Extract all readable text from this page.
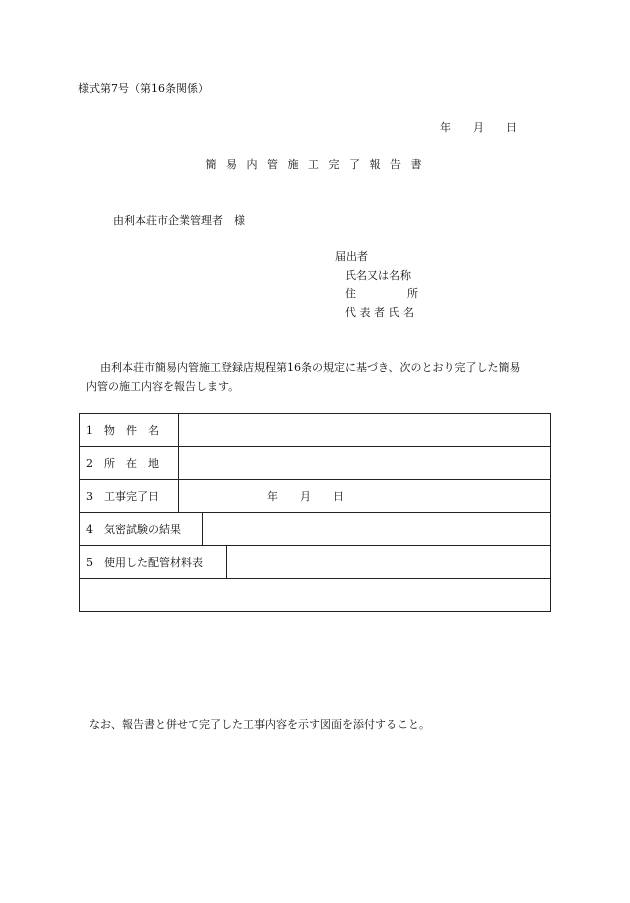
様式第7号（第16条関係）
年　　月　　日
簡 易 内 管 施 工 完 了 報 告 書
由利本荘市企業管理者　様
届出者
氏名又は名称
住	所
代 表 者 氏 名
由利本荘市簡易内管施工登録店規程第16条の規定に基づき、次のとおり完了した簡易
内管の施工内容を報告します。
1　物　件　名

2　所　在　地

3　工事完了日	年　　月　　日

4　気密試験の結果

5　使用した配管材料表

なお、報告書と併せて完了した工事内容を示す図面を添付すること。
